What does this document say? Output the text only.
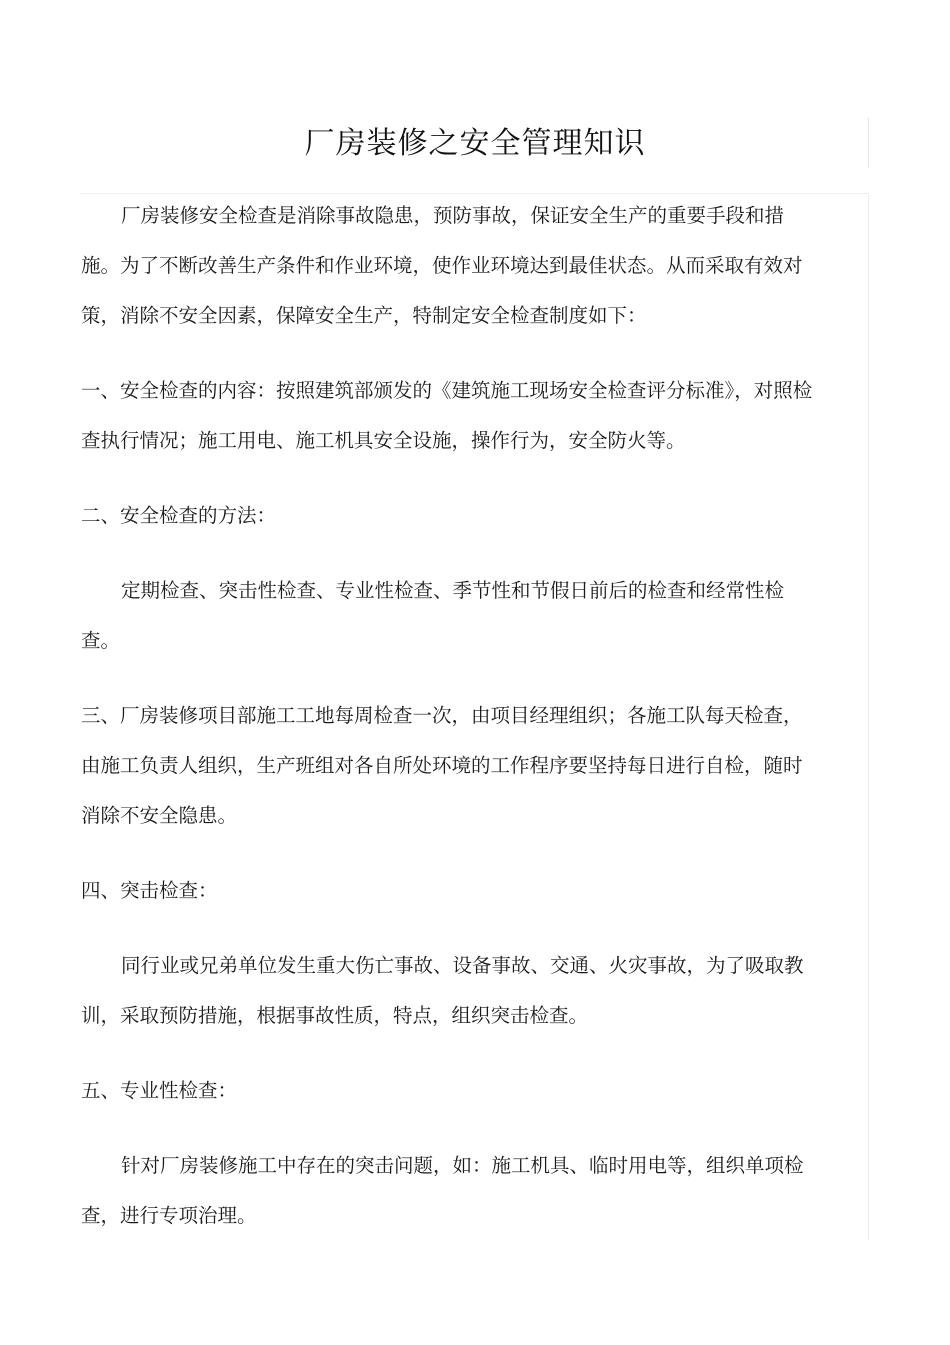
厂房装修之安全管理知识

厂房装修安全检查是消除事故隐患，预防事故，保证安全生产的重要手段和措施。为了不断改善生产条件和作业环境，使作业环境达到最佳状态。从而采取有效对策，消除不安全因素，保障安全生产，特制定安全检查制度如下：

一、安全检查的内容：按照建筑部颁发的《建筑施工现场安全检查评分标准》，对照检查执行情况；施工用电、施工机具安全设施，操作行为，安全防火等。

二、安全检查的方法：

定期检查、突击性检查、专业性检查、季节性和节假日前后的检查和经常性检查。

三、厂房装修项目部施工工地每周检查一次，由项目经理组织；各施工队每天检查，由施工负责人组织，生产班组对各自所处环境的工作程序要坚持每日进行自检，随时消除不安全隐患。

四、突击检查：

同行业或兄弟单位发生重大伤亡事故、设备事故、交通、火灾事故，为了吸取教训，采取预防措施，根据事故性质，特点，组织突击检查。

五、专业性检查：

针对厂房装修施工中存在的突击问题，如：施工机具、临时用电等，组织单项检查，进行专项治理。
